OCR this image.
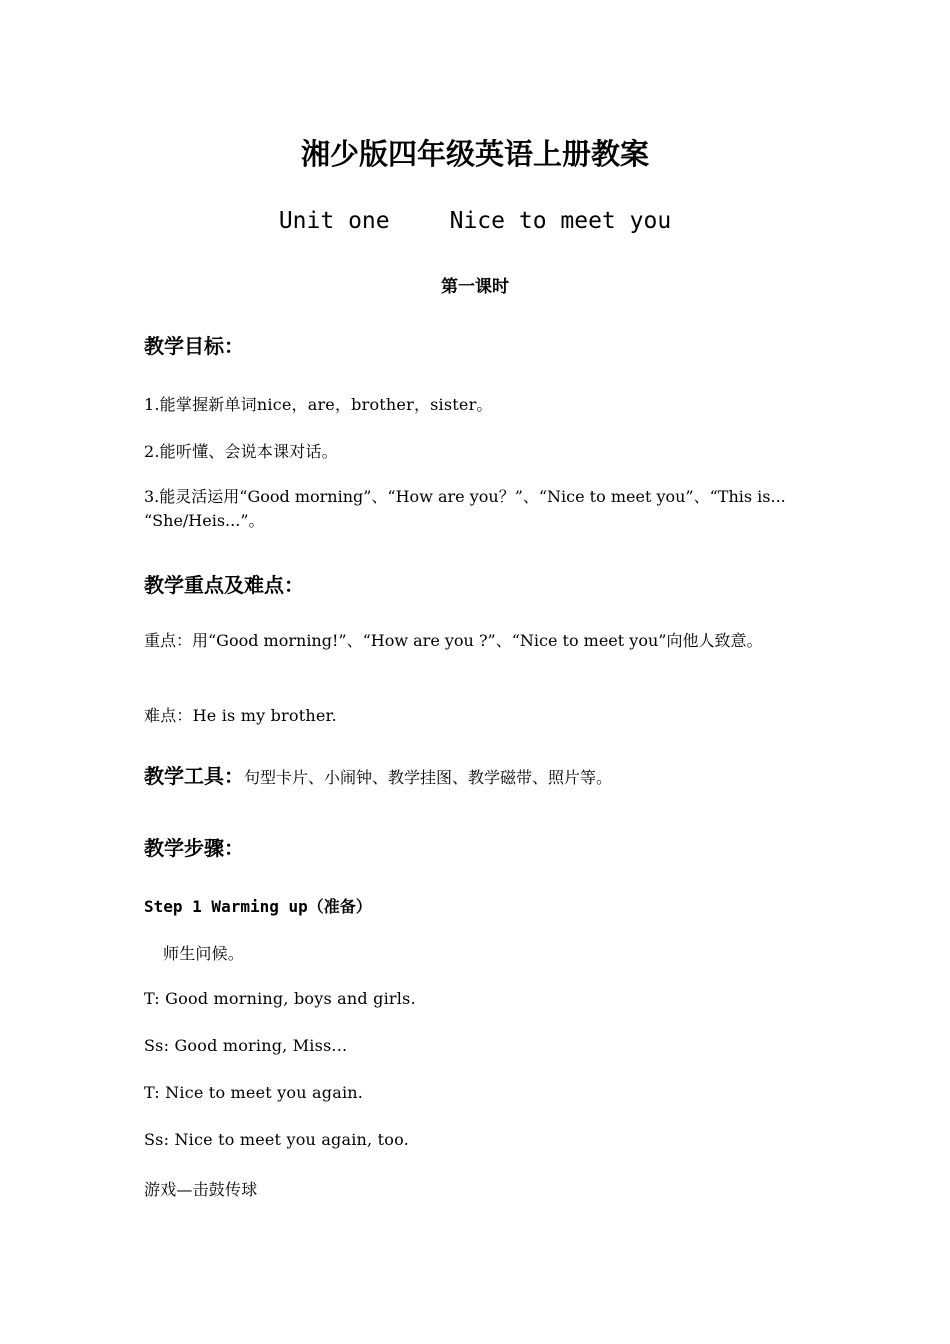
湘少版四年级英语上册教案
Unit one	Nice to meet you
第一课时
教学目标：
1.能掌握新单词nice，are，brother，sister。
2.能听懂、会说本课对话。
3.能灵活运用“Good morning”、“How are you？”、“Nice to meet you”、“This is... “She/Heis...”。
教学重点及难点：
重点：用“Good morning!”、“How are you ?”、“Nice to meet you”向他人致意。
难点：He is my brother.
教学工具：句型卡片、小闹钟、教学挂图、教学磁带、照片等。
教学步骤：
Step 1 Warming up（准备）
师生问候。
T: Good morning, boys and girls.
Ss: Good moring, Miss...
T: Nice to meet you again.
Ss: Nice to meet you again, too.
游戏—击鼓传球
